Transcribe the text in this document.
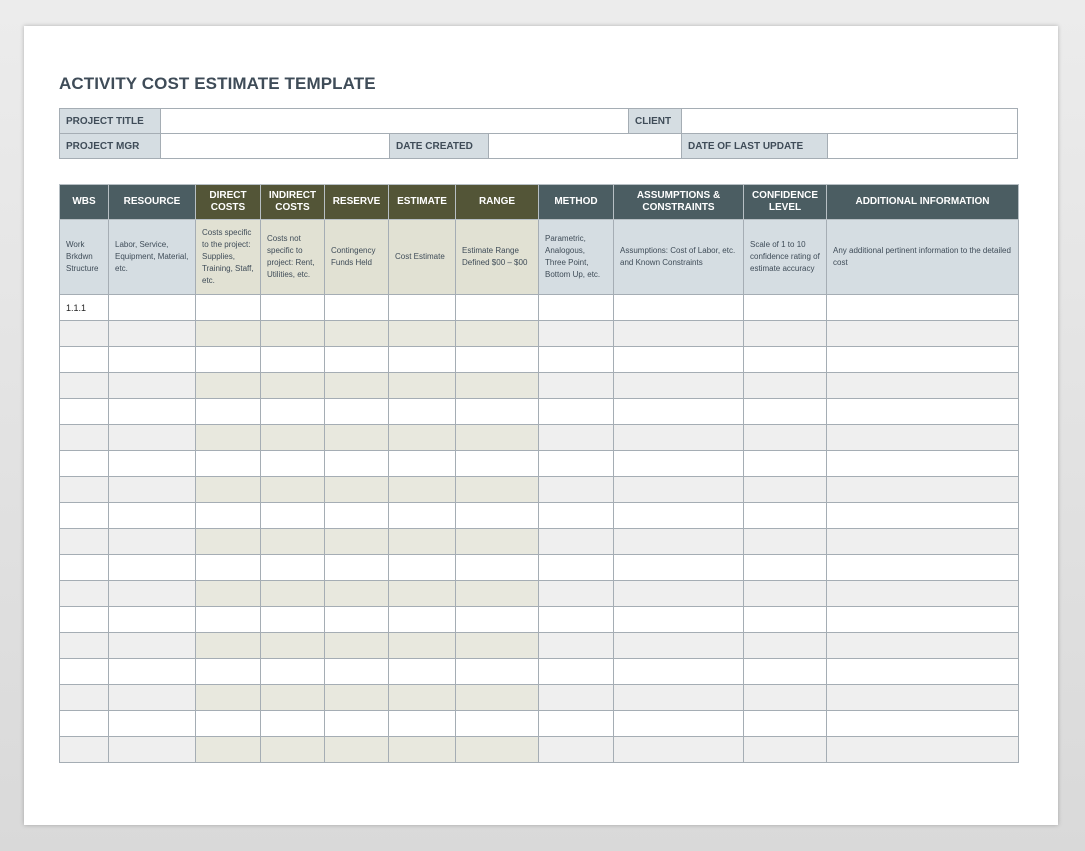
ACTIVITY COST ESTIMATE TEMPLATE
PROJECT TITLE				CLIENT		
PROJECT MGR		DATE CREATED			DATE OF LAST UPDATE	
WBS	RESOURCE	DIRECT COSTS	INDIRECT COSTS	RESERVE	ESTIMATE	RANGE	METHOD	ASSUMPTIONS & CONSTRAINTS	CONFIDENCE LEVEL	ADDITIONAL INFORMATION
Work Brkdwn Structure	Labor, Service, Equipment, Material, etc.	Costs specific to the project: Supplies, Training, Staff, etc.	Costs not specific to project: Rent, Utilities, etc.	Contingency Funds Held	Cost Estimate	Estimate Range Defined $00 – $00	Parametric, Analogous, Three Point, Bottom Up, etc.	Assumptions: Cost of Labor, etc. and Known Constraints	Scale of 1 to 10 confidence rating of estimate accuracy	Any additional pertinent information to the detailed cost
1.1.1										
